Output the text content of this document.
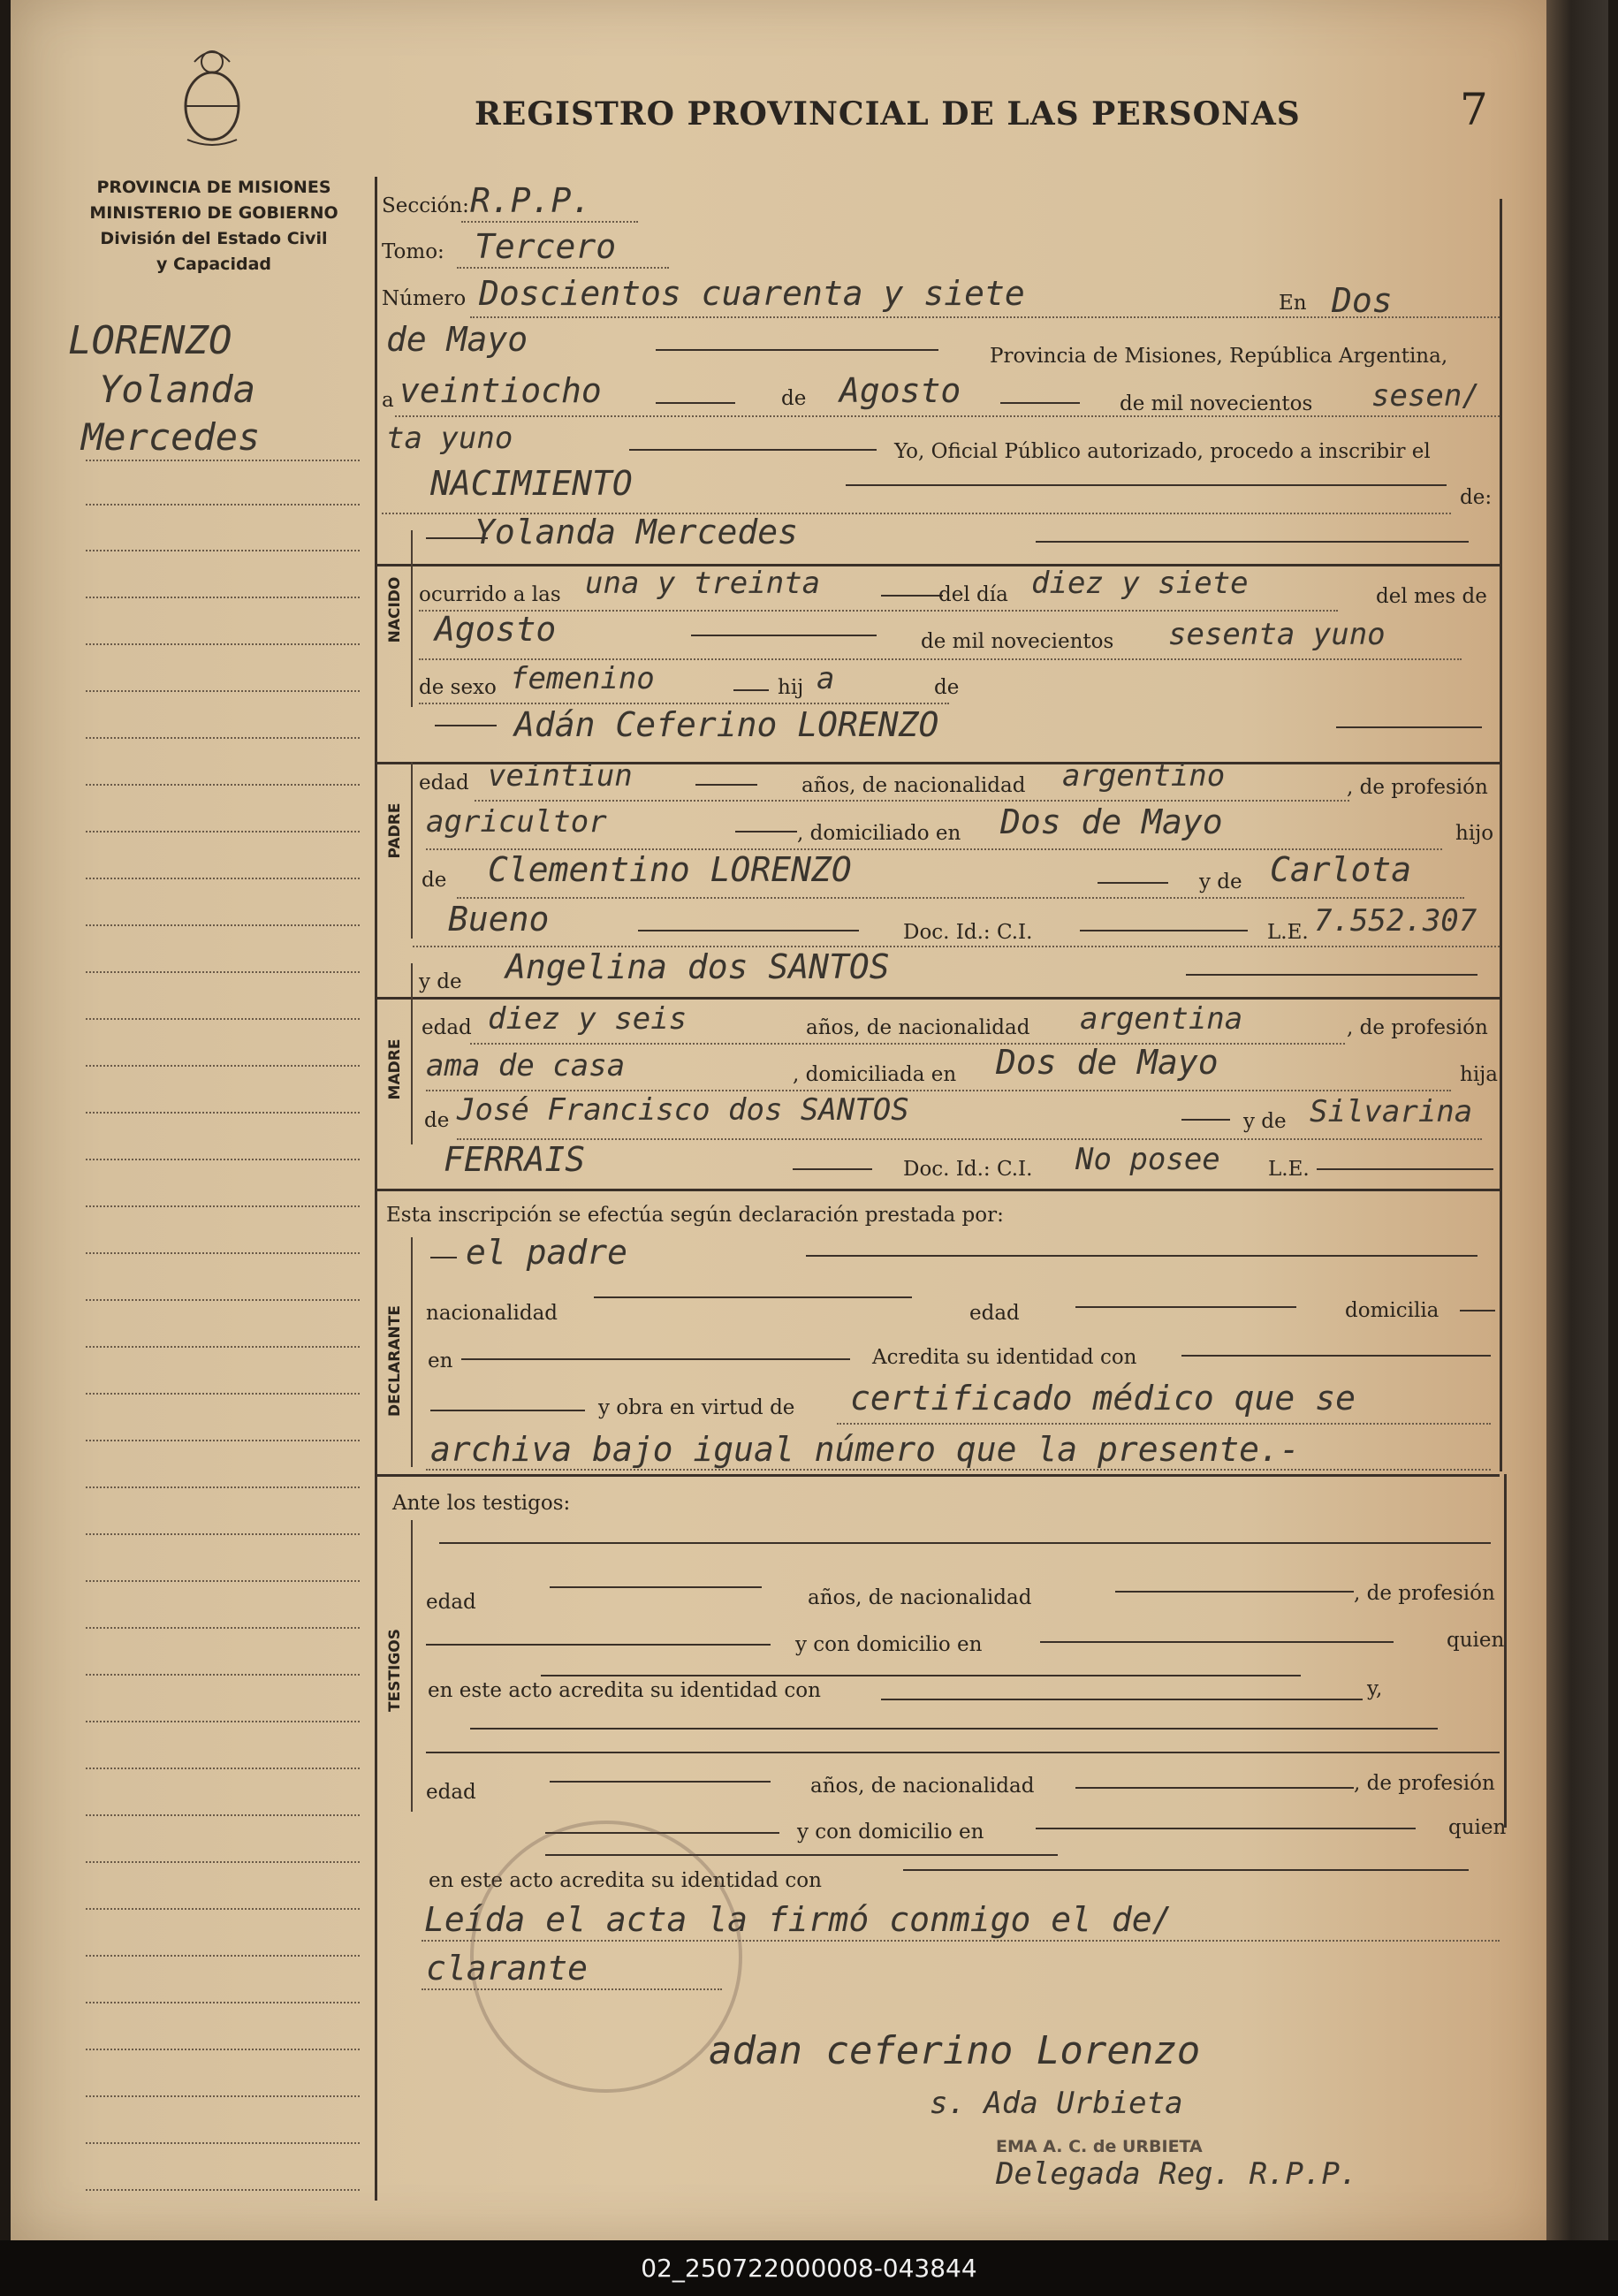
REGISTRO PROVINCIAL DE LAS PERSONAS	7
PROVINCIA DE MISIONES
MINISTERIO DE GOBIERNO
División del Estado Civil
y Capacidad
LORENZO
Yolanda
Mercedes
Sección: R.P.P.
Tomo: Tercero
Número Doscientos cuarenta y siete	En Dos
de Mayo	Provincia de Misiones, República Argentina,
a veintiocho	de Agosto	de mil novecientos sesen/
ta yuno	Yo, Oficial Público autorizado, procedo a inscribir el
NACIMIENTO	de:
NACIDO
Yolanda Mercedes
ocurrido a las una y treinta	del día diez y siete	del mes de
Agosto	de mil novecientos sesenta yuno
de sexo femenino	hij a	de
PADRE
Adán Ceferino LORENZO
edad veintiun	años, de nacionalidad argentino	, de profesión
agricultor	, domiciliado en Dos de Mayo	hijo
de Clementino LORENZO	y de Carlota
Bueno	Doc. Id.: C.I.	L.E. 7.552.307
MADRE
y de Angelina dos SANTOS
edad diez y seis	años, de nacionalidad argentina	, de profesión
ama de casa	, domiciliada en Dos de Mayo	hija
de José Francisco dos SANTOS	y de Silvarina
FERRAIS	Doc. Id.: C.I. No posee L.E.
Esta inscripción se efectúa según declaración prestada por:
DECLARANTE
el padre
nacionalidad	edad	domicilia
en	Acredita su identidad con
y obra en virtud de certificado médico que se
archiva bajo igual número que la presente.-
Ante los testigos:
TESTIGOS
edad	años, de nacionalidad	, de profesión
y con domicilio en	quien
en este acto acredita su identidad con	y,
edad	años, de nacionalidad	, de profesión
y con domicilio en	quien
en este acto acredita su identidad con
Leída el acta la firmó conmigo el de/
clarante
adan ceferino Lorenzo
s. Ada Urbieta
EMA A. C. de URBIETA
Delegada Reg. R.P.P.
02_250722000008-043844
